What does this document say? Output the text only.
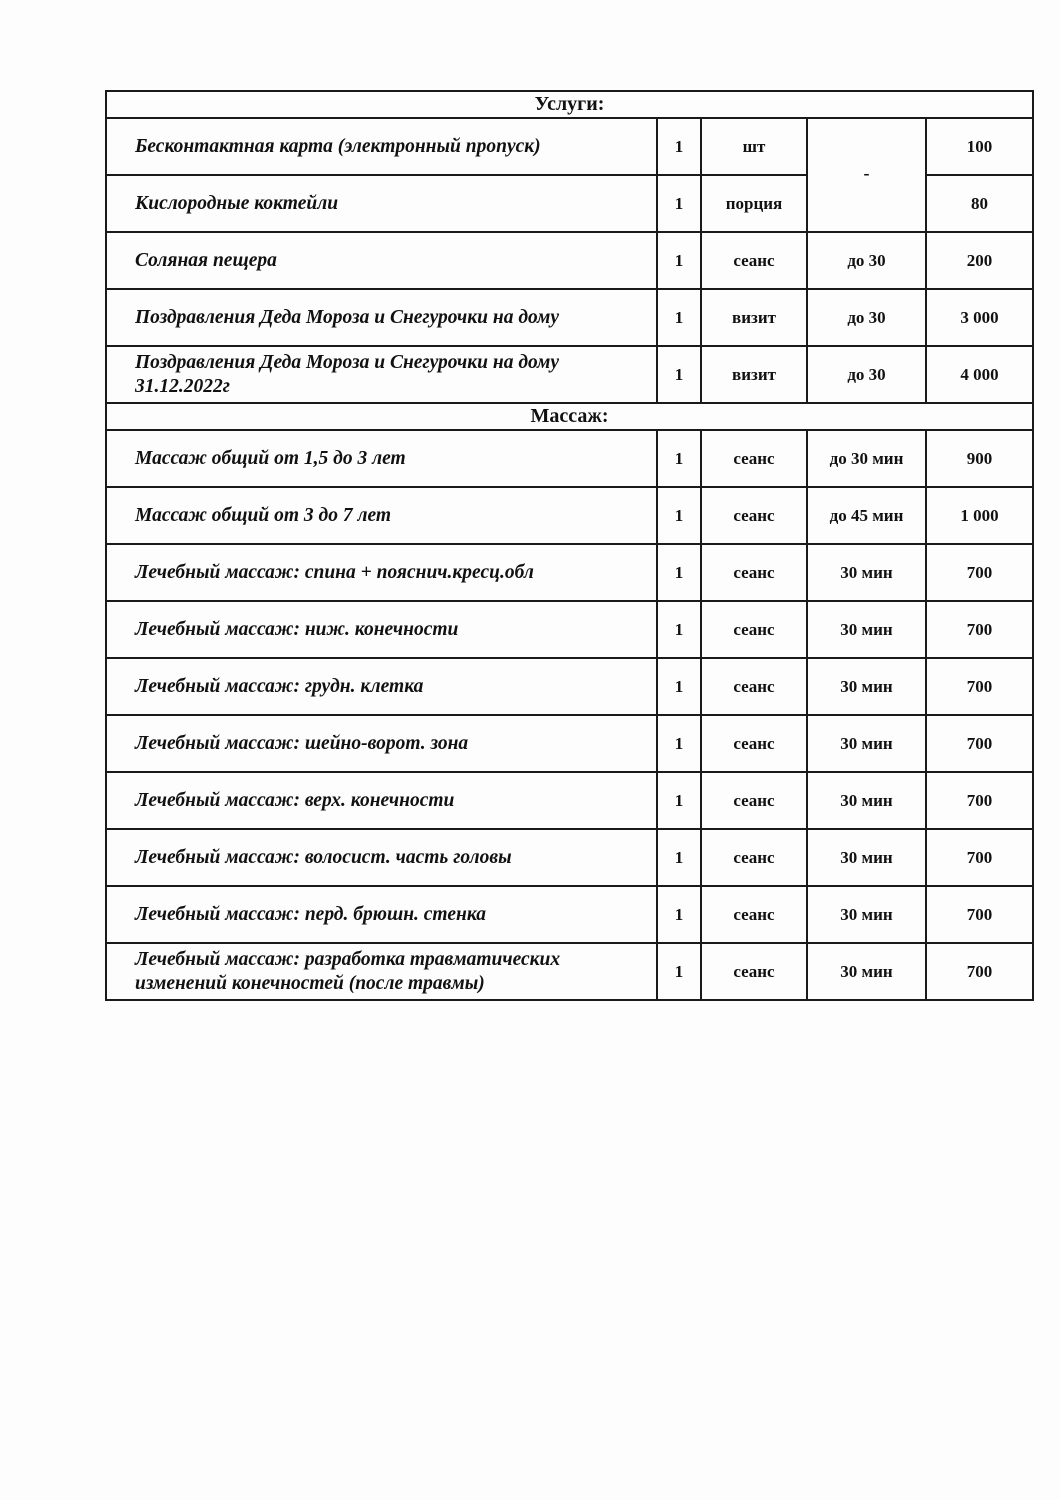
Услуги:				
Бесконтактная карта (электронный пропуск)	1	шт	-	100
Кислородные коктейли	1	порция		80
Соляная пещера	1	сеанс	до 30	200
Поздравления Деда Мороза и Снегурочки на дому	1	визит	до 30	3 000
Поздравления Деда Мороза и Снегурочки на дому 31.12.2022г	1	визит	до 30	4 000
Массаж:				
Массаж общий от 1,5 до 3 лет	1	сеанс	до 30 мин	900
Массаж общий от 3 до 7 лет	1	сеанс	до 45 мин	1 000
Лечебный массаж: спина + пояснич.кресц.обл	1	сеанс	30 мин	700
Лечебный массаж: ниж. конечности	1	сеанс	30 мин	700
Лечебный массаж: грудн. клетка	1	сеанс	30 мин	700
Лечебный массаж: шейно-ворот. зона	1	сеанс	30 мин	700
Лечебный массаж: верх. конечности	1	сеанс	30 мин	700
Лечебный массаж: волосист. часть головы	1	сеанс	30 мин	700
Лечебный массаж: перд. брюшн. стенка	1	сеанс	30 мин	700
Лечебный массаж: разработка травматических изменений конечностей (после травмы)	1	сеанс	30 мин	700
